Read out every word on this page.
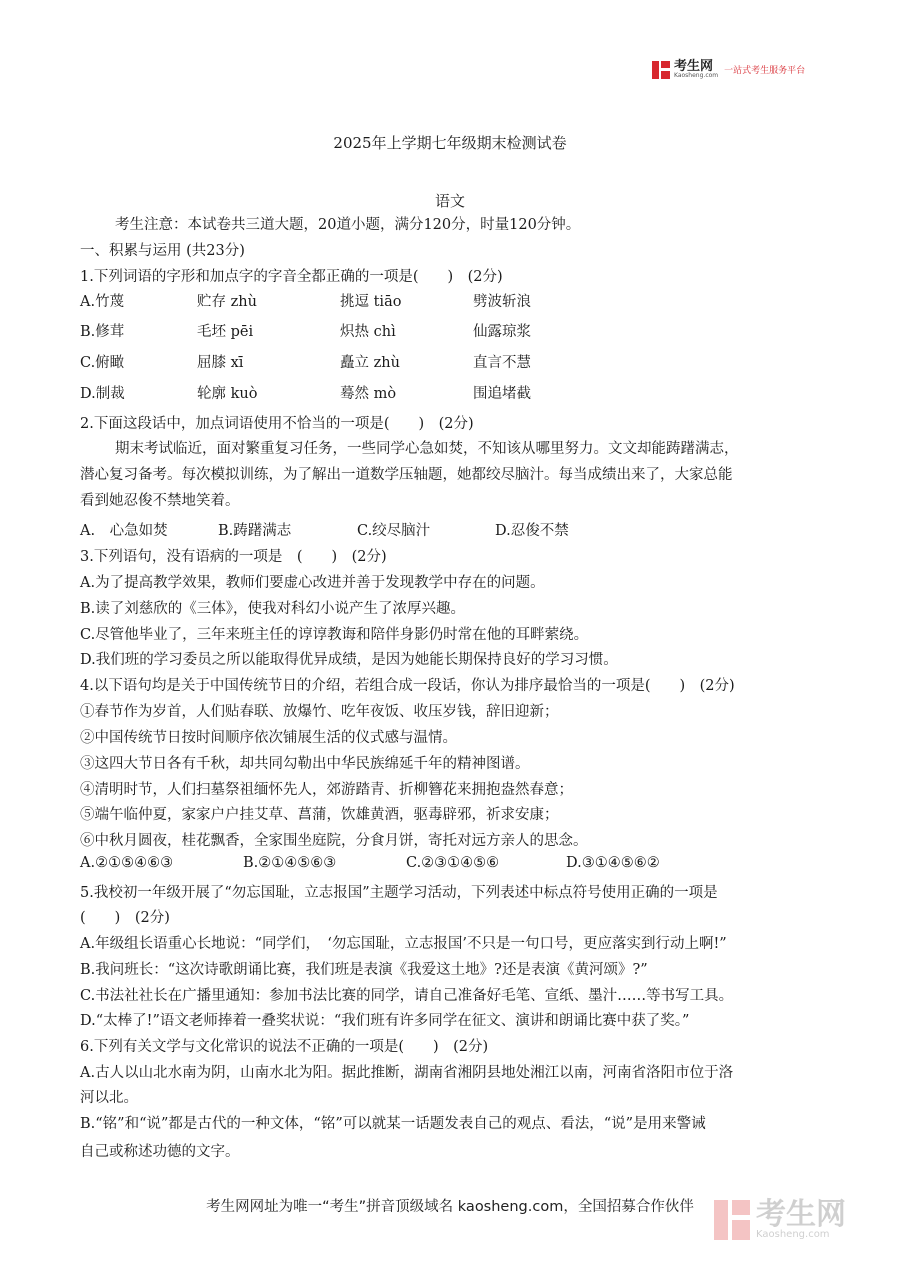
考生网
Kaosheng.com 一站式考生服务平台
2025年上学期七年级期末检测试卷
语文
考生注意：本试卷共三道大题，20道小题，满分120分，时量120分钟。
一、积累与运用 (共23分)
1.下列词语的字形和加点字的字音全都正确的一项是(　　)　(2分)
A.竹蔑	贮存 zhù	挑逗 tiāo	劈波斩浪
B.修茸	毛坯 pēi	炽热 chì	仙露琼浆
C.俯瞰	屈膝 xī	矗立 zhù	直言不慧
D.制裁	轮廓 kuò	蓦然 mò	围追堵截
2.下面这段话中，加点词语使用不恰当的一项是(　　)　(2分)
期末考试临近，面对繁重复习任务，一些同学心急如焚，不知该从哪里努力。文文却能踌躇满志，
潜心复习备考。每次模拟训练，为了解出一道数学压轴题，她都绞尽脑汁。每当成绩出来了，大家总能
看到她忍俊不禁地笑着。
A.　心急如焚	B.踌躇满志	C.绞尽脑汁	D.忍俊不禁
3.下列语句，没有语病的一项是　(　　)　(2分)
A.为了提高教学效果，教师们要虚心改进并善于发现教学中存在的问题。
B.读了刘慈欣的《三体》，使我对科幻小说产生了浓厚兴趣。
C.尽管他毕业了，三年来班主任的谆谆教诲和陪伴身影仍时常在他的耳畔萦绕。
D.我们班的学习委员之所以能取得优异成绩，是因为她能长期保持良好的学习习惯。
4.以下语句均是关于中国传统节日的介绍，若组合成一段话，你认为排序最恰当的一项是(　　)　(2分)
①春节作为岁首，人们贴春联、放爆竹、吃年夜饭、收压岁钱，辞旧迎新；
②中国传统节日按时间顺序依次铺展生活的仪式感与温情。
③这四大节日各有千秋，却共同勾勒出中华民族绵延千年的精神图谱。
④清明时节，人们扫墓祭祖缅怀先人，郊游踏青、折柳簪花来拥抱盎然春意；
⑤端午临仲夏，家家户户挂艾草、菖蒲，饮雄黄酒，驱毒辟邪，祈求安康；
⑥中秋月圆夜，桂花飘香，全家围坐庭院，分食月饼，寄托对远方亲人的思念。
A.②①⑤④⑥③	B.②①④⑤⑥③	C.②③①④⑤⑥	D.③①④⑤⑥②
5.我校初一年级开展了“勿忘国耻，立志报国”主题学习活动，下列表述中标点符号使用正确的一项是
(　　)　(2分)
A.年级组长语重心长地说：“同学们，　‘勿忘国耻，立志报国’不只是一句口号，更应落实到行动上啊!”
B.我问班长：“这次诗歌朗诵比赛，我们班是表演《我爱这土地》?还是表演《黄河颂》?”
C.书法社社长在广播里通知：参加书法比赛的同学，请自己准备好毛笔、宣纸、墨汁……等书写工具。
D.“太棒了!”语文老师捧着一叠奖状说：“我们班有许多同学在征文、演讲和朗诵比赛中获了奖。”
6.下列有关文学与文化常识的说法不正确的一项是(　　)　(2分)
A.古人以山北水南为阴，山南水北为阳。据此推断，湖南省湘阴县地处湘江以南，河南省洛阳市位于洛
河以北。
B.“铭”和“说”都是古代的一种文体，“铭”可以就某一话题发表自己的观点、看法，“说”是用来警诫
自己或称述功德的文字。
考生网网址为唯一“考生”拼音顶级域名 kaosheng.com，全国招募合作伙伴	考生网
Kaosheng.com
